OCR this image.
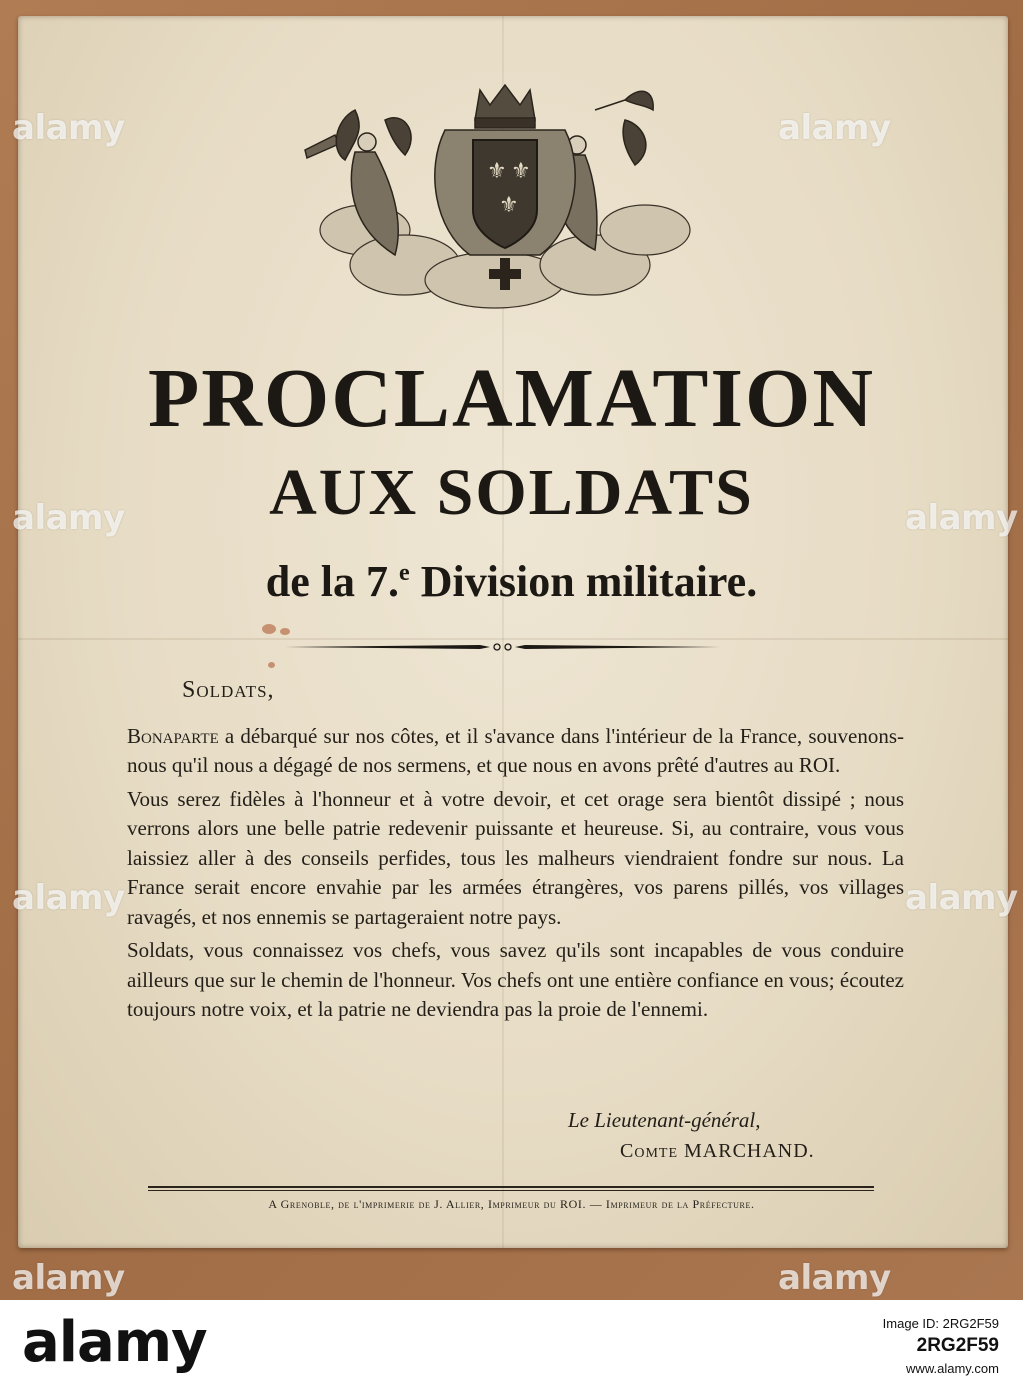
⚜ ⚜
⚜
alamy	alamy
alamy	alamy
alamy	alamy
alamy	alamy
PROCLAMATION
AUX SOLDATS
de la 7.$^e$ Division militaire.
Soldats,

Bonaparte a débarqué sur nos côtes, et il s'avance dans l'intérieur de la France, souvenons-nous qu'il nous a dégagé de nos sermens, et que nous en avons prêté d'autres au ROI.

Vous serez fidèles à l'honneur et à votre devoir, et cet orage sera bientôt dissipé ; nous verrons alors une belle patrie redevenir puissante et heureuse. Si, au contraire, vous vous laissiez aller à des conseils perfides, tous les malheurs viendraient fondre sur nous. La France serait encore envahie par les armées étrangères, vos parens pillés, vos villages ravagés, et nos ennemis se partageraient notre pays.

Soldats, vous connaissez vos chefs, vous savez qu'ils sont incapables de vous conduire ailleurs que sur le chemin de l'honneur. Vos chefs ont une entière confiance en vous; écoutez toujours notre voix, et la patrie ne deviendra pas la proie de l'ennemi.

Le Lieutenant-général,
Comte MARCHAND.
A Grenoble, de l'imprimerie de J. Allier, Imprimeur du ROI. — Imprimeur de la Préfecture.
alamy	Image ID: 2RG2F59
2RG2F59
www.alamy.com
